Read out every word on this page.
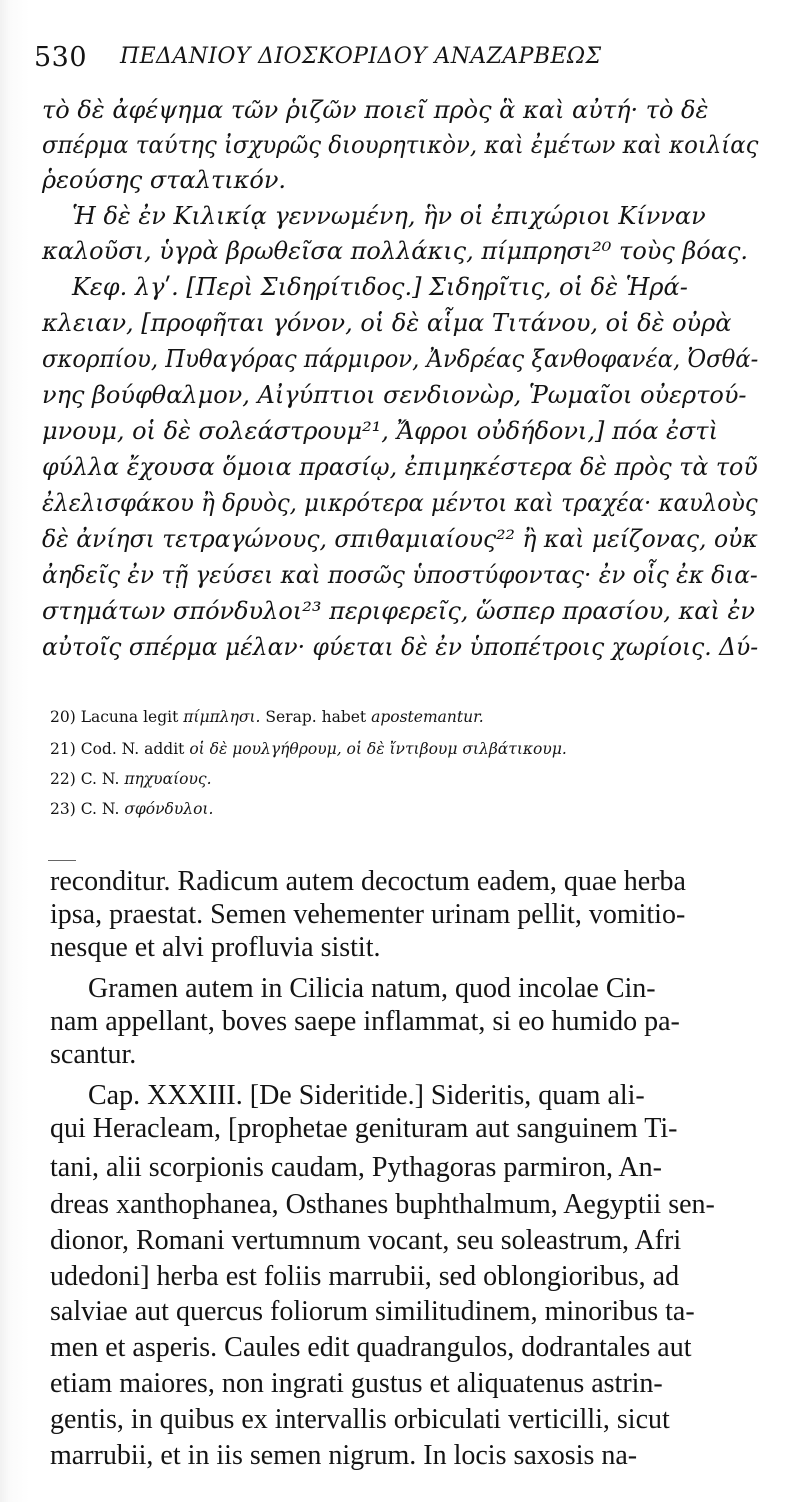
530 ΠΕΔΑΝΙΟΥ ΔΙΟΣΚΟΡΙΔΟΥ ΑΝΑΖΑΡΒΕΩΣ
τὸ δὲ ἀφέψημα τῶν ῥιζῶν ποιεῖ πρὸς ἃ καὶ αὐτή· τὸ δὲ
σπέρμα ταύτης ἰσχυρῶς διουρητικὸν, καὶ ἐμέτων καὶ κοιλίας
ῥεούσης σταλτικόν.
Ἡ δὲ ἐν Κιλικίᾳ γεννωμένη, ἣν οἱ ἐπιχώριοι Κίνναν
καλοῦσι, ὑγρὰ βρωθεῖσα πολλάκις, πίμπρησι²⁰ τοὺς βόας.
Κεφ. λγʹ. [Περὶ Σιδηρίτιδος.] Σιδηρῖτις, οἱ δὲ Ἡρά-
κλειαν, [προφῆται γόνον, οἱ δὲ αἷμα Τιτάνου, οἱ δὲ οὐρὰ
σκορπίου, Πυθαγόρας πάρμιρον, Ἀνδρέας ξανθοφανέα, Ὀσθά-
νης βούφθαλμον, Αἰγύπτιοι σενδιονὼρ, Ῥωμαῖοι οὐερτού-
μνουμ, οἱ δὲ σολεάστρουμ²¹, Ἄφροι οὐδήδονι,] πόα ἐστὶ
φύλλα ἔχουσα ὅμοια πρασίῳ, ἐπιμηκέστερα δὲ πρὸς τὰ τοῦ
ἐλελισφάκου ἢ δρυὸς, μικρότερα μέντοι καὶ τραχέα· καυλοὺς
δὲ ἀνίησι τετραγώνους, σπιθαμιαίους²² ἢ καὶ μείζονας, οὐκ
ἀηδεῖς ἐν τῇ γεύσει καὶ ποσῶς ὑποστύφοντας· ἐν οἷς ἐκ δια-
στημάτων σπόνδυλοι²³ περιφερεῖς, ὥσπερ πρασίου, καὶ ἐν
αὐτοῖς σπέρμα μέλαν· φύεται δὲ ἐν ὑποπέτροις χωρίοις. Δύ-
20) Lacuna legit πίμπλησι. Serap. habet apostemantur.
21) Cod. N. addit οἱ δὲ μουλγήθρουμ, οἱ δὲ ἴντιβουμ σιλβάτικουμ.
22) C. N. πηχυαίους.
23) C. N. σφόνδυλοι.
reconditur. Radicum autem decoctum eadem, quae herba
ipsa, praestat. Semen vehementer urinam pellit, vomitio-
nesque et alvi profluvia sistit.
Gramen autem in Cilicia natum, quod incolae Cin-
nam appellant, boves saepe inflammat, si eo humido pa-
scantur.
Cap. XXXIII. [De Sideritide.] Sideritis, quam ali-
qui Heracleam, [prophetae genituram aut sanguinem Ti-
tani, alii scorpionis caudam, Pythagoras parmiron, An-
dreas xanthophanea, Osthanes buphthalmum, Aegyptii sen-
dionor, Romani vertumnum vocant, seu soleastrum, Afri
udedoni] herba est foliis marrubii, sed oblongioribus, ad
salviae aut quercus foliorum similitudinem, minoribus ta-
men et asperis. Caules edit quadrangulos, dodrantales aut
etiam maiores, non ingrati gustus et aliquatenus astrin-
gentis, in quibus ex intervallis orbiculati verticilli, sicut
marrubii, et in iis semen nigrum. In locis saxosis na-
